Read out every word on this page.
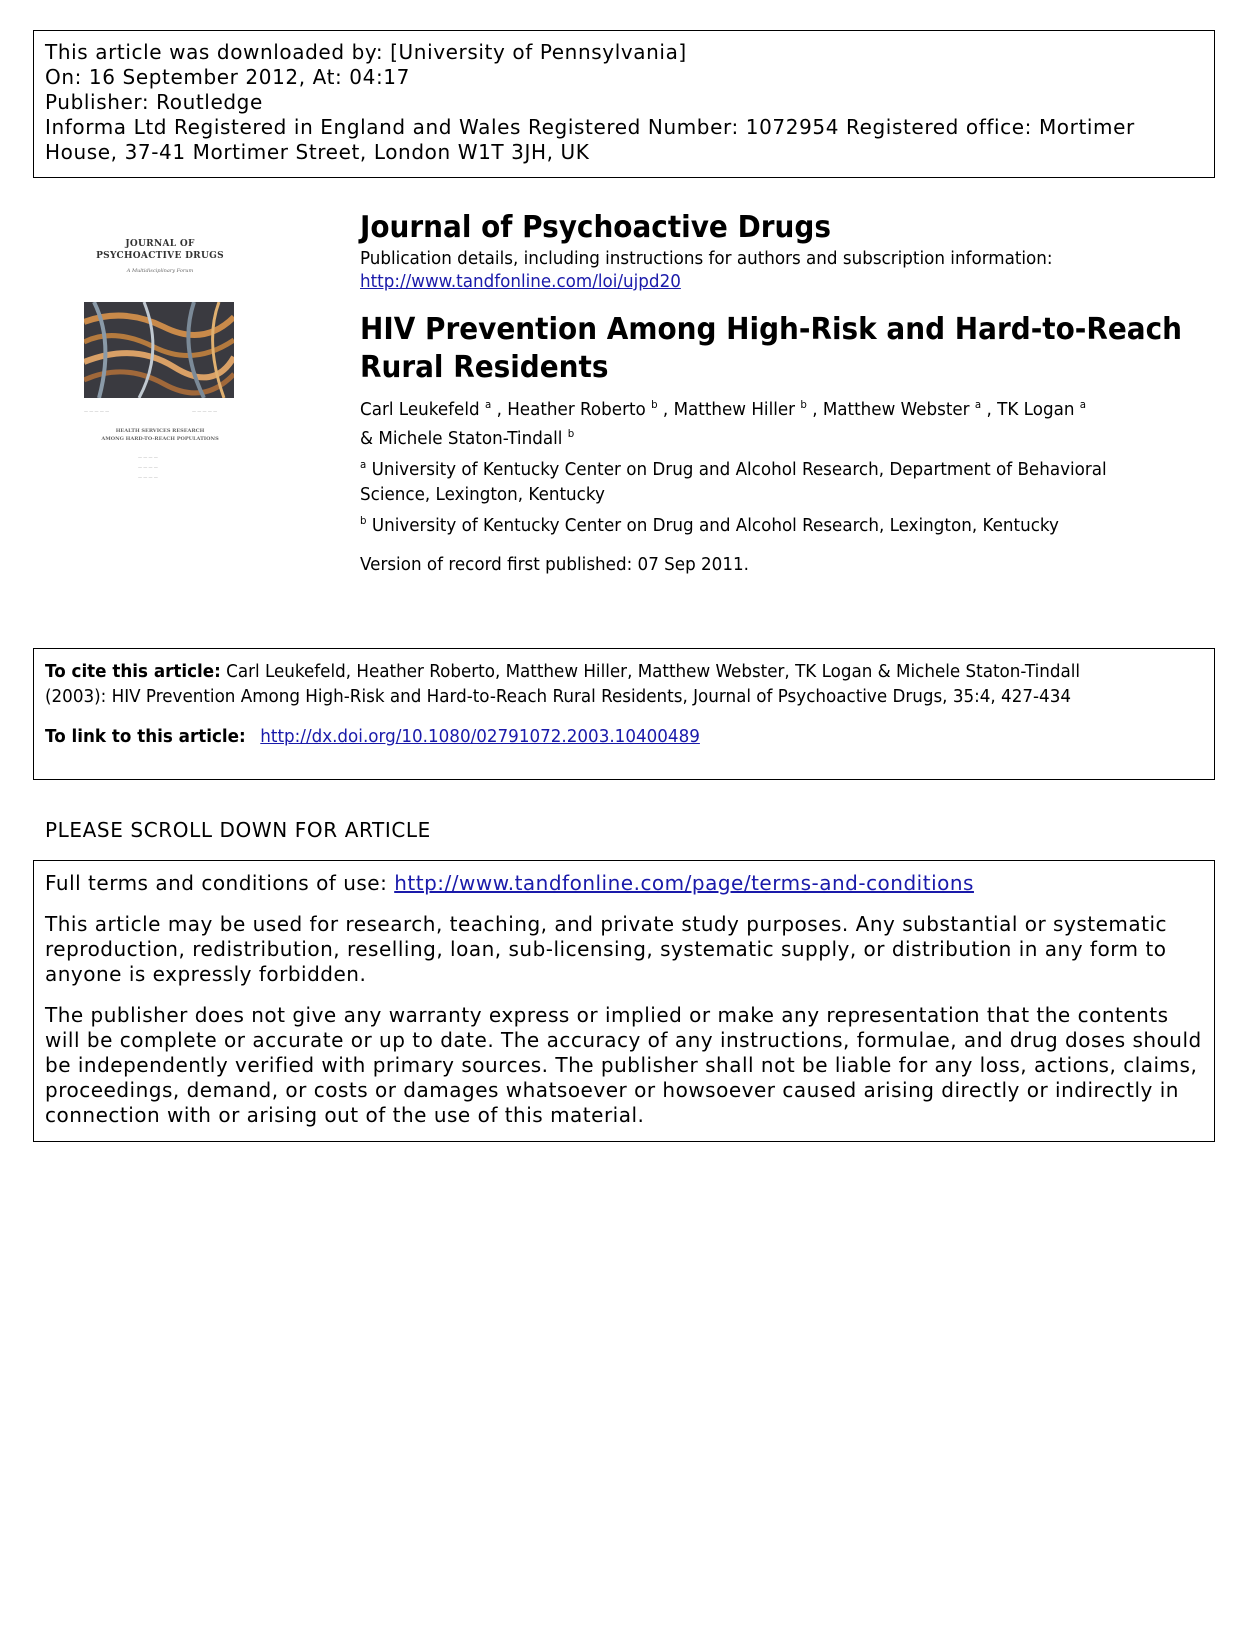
This article was downloaded by: [University of Pennsylvania]
On: 16 September 2012, At: 04:17
Publisher: Routledge
Informa Ltd Registered in England and Wales Registered Number: 1072954 Registered office: Mortimer
House, 37-41 Mortimer Street, London W1T 3JH, UK
JOURNAL OF
PSYCHOACTIVE DRUGS
A Multidisciplinary Forum
— — — — —	— — — — —
HEALTH SERVICES RESEARCH
AMONG HARD-TO-REACH POPULATIONS
— — — —
— — — —
— — — —
Journal of Psychoactive Drugs
Publication details, including instructions for authors and subscription information:
http://www.tandfonline.com/loi/ujpd20
HIV Prevention Among High-Risk and Hard-to-Reach
Rural Residents
Carl Leukefeld $^a$ , Heather Roberto $^b$ , Matthew Hiller $^b$ , Matthew Webster $^a$ , TK Logan $^a$
& Michele Staton-Tindall $^b$
$^a$ University of Kentucky Center on Drug and Alcohol Research, Department of Behavioral
Science, Lexington, Kentucky
$^b$ University of Kentucky Center on Drug and Alcohol Research, Lexington, Kentucky
Version of record first published: 07 Sep 2011.
To cite this article: Carl Leukefeld, Heather Roberto, Matthew Hiller, Matthew Webster, TK Logan & Michele Staton-Tindall
(2003): HIV Prevention Among High-Risk and Hard-to-Reach Rural Residents, Journal of Psychoactive Drugs, 35:4, 427-434
To link to this article: http://dx.doi.org/10.1080/02791072.2003.10400489
PLEASE SCROLL DOWN FOR ARTICLE
Full terms and conditions of use: http://www.tandfonline.com/page/terms-and-conditions
This article may be used for research, teaching, and private study purposes. Any substantial or systematic
reproduction, redistribution, reselling, loan, sub-licensing, systematic supply, or distribution in any form to
anyone is expressly forbidden.
The publisher does not give any warranty express or implied or make any representation that the contents
will be complete or accurate or up to date. The accuracy of any instructions, formulae, and drug doses should
be independently verified with primary sources. The publisher shall not be liable for any loss, actions, claims,
proceedings, demand, or costs or damages whatsoever or howsoever caused arising directly or indirectly in
connection with or arising out of the use of this material.
